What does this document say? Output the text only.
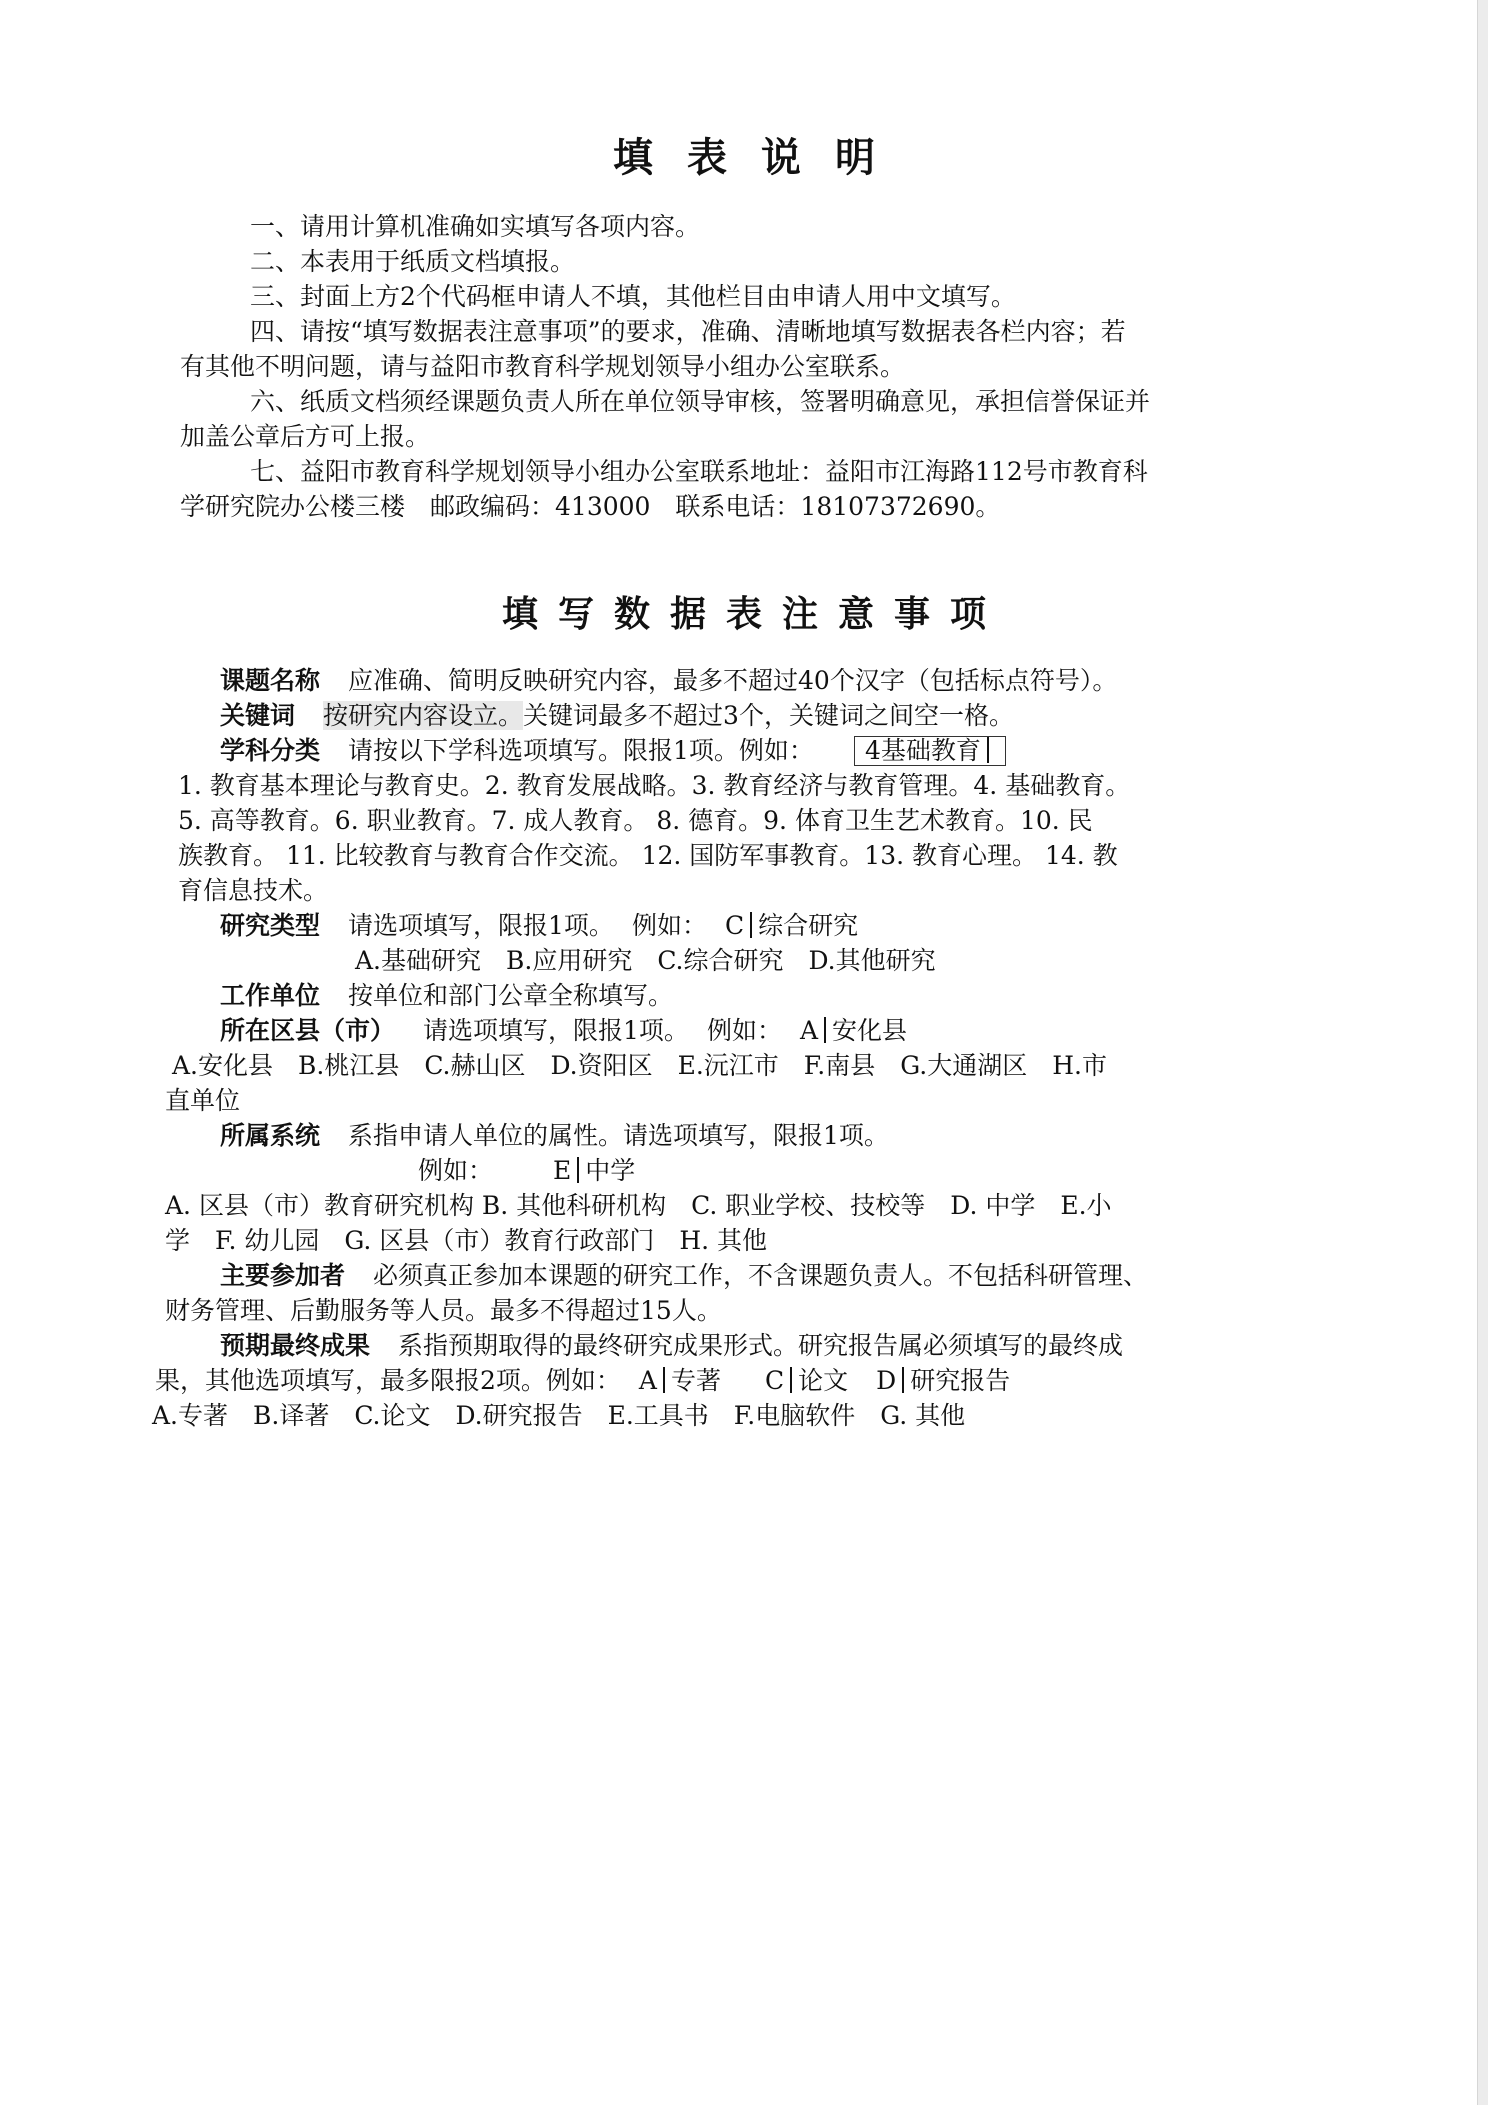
填表说明
一、请用计算机准确如实填写各项内容。
二、本表用于纸质文档填报。
三、封面上方2个代码框申请人不填，其他栏目由申请人用中文填写。
四、请按“填写数据表注意事项”的要求，准确、清晰地填写数据表各栏内容；若
有其他不明问题，请与益阳市教育科学规划领导小组办公室联系。
六、纸质文档须经课题负责人所在单位领导审核，签署明确意见，承担信誉保证并
加盖公章后方可上报。
七、益阳市教育科学规划领导小组办公室联系地址：益阳市江海路112号市教育科
学研究院办公楼三楼　邮政编码：413000　联系电话：18107372690。
填写数据表注意事项
课题名称 应准确、简明反映研究内容，最多不超过40个汉字（包括标点符号）。
关键词 按研究内容设立。关键词最多不超过3个，关键词之间空一格。
学科分类 请按以下学科选项填写。限报1项。例如： 4基础教育
1. 教育基本理论与教育史。2. 教育发展战略。3. 教育经济与教育管理。4. 基础教育。
5. 高等教育。6. 职业教育。7. 成人教育。 8. 德育。9. 体育卫生艺术教育。10. 民
族教育。 11. 比较教育与教育合作交流。 12. 国防军事教育。13. 教育心理。 14. 教
育信息技术。
研究类型 请选项填写，限报1项。 例如： C 综合研究
A.基础研究　B.应用研究　C.综合研究　D.其他研究
工作单位 按单位和部门公章全称填写。
所在区县（市） 请选项填写，限报1项。 例如： A 安化县
A.安化县　B.桃江县　C.赫山区　D.资阳区　E.沅江市　F.南县　G.大通湖区　H.市
直单位
所属系统 系指申请人单位的属性。请选项填写，限报1项。
例如： E 中学
A. 区县（市）教育研究机构 B. 其他科研机构　C. 职业学校、技校等　D. 中学　E.小
学　F. 幼儿园　G. 区县（市）教育行政部门　H. 其他
主要参加者 必须真正参加本课题的研究工作，不含课题负责人。不包括科研管理、
财务管理、后勤服务等人员。最多不得超过15人。
预期最终成果 系指预期取得的最终研究成果形式。研究报告属必须填写的最终成
果，其他选项填写，最多限报2项。例如： A 专著 C 论文 D 研究报告
A.专著　B.译著　C.论文　D.研究报告　E.工具书　F.电脑软件　G. 其他
